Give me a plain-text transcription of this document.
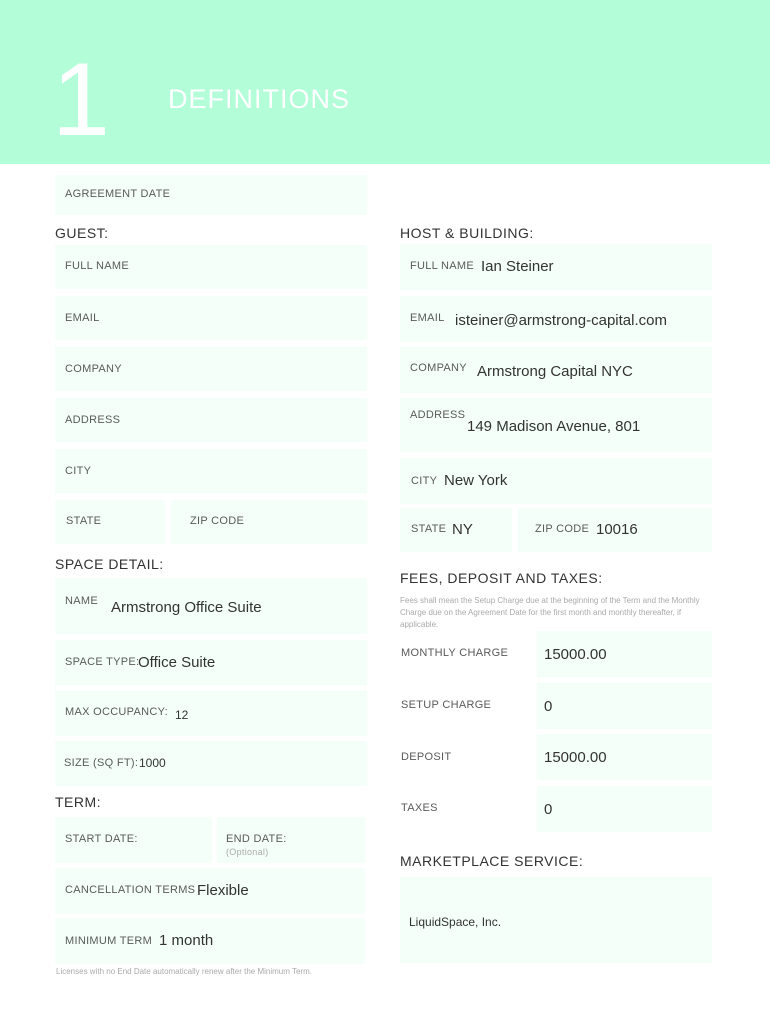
1 DEFINITIONS
AGREEMENT DATE
GUEST:
FULL NAME
EMAIL
COMPANY
ADDRESS
CITY
STATE	ZIP CODE
HOST & BUILDING:
FULL NAME Ian Steiner
EMAIL isteiner@armstrong-capital.com
COMPANY Armstrong Capital NYC
ADDRESS
149 Madison Avenue, 801
CITY New York
STATE NY	ZIP CODE 10016
SPACE DETAIL:
NAME Armstrong Office Suite
SPACE TYPE:
Office Suite
MAX OCCUPANCY: 12
SIZE (SQ FT): 1000
TERM:
START DATE:	END DATE:
(Optional)
CANCELLATION TERMS Flexible
MINIMUM TERM 1 month
Licenses with no End Date automatically renew after the Minimum Term.
FEES, DEPOSIT AND TAXES:
Fees shall mean the Setup Charge due at the beginning of the Term and the Monthly Charge due on the Agreement Date for the first month and monthly thereafter, if applicable.
MONTHLY CHARGE 15000.00
SETUP CHARGE	0
DEPOSIT	15000.00
TAXES	0
MARKETPLACE SERVICE:
LiquidSpace, Inc.
